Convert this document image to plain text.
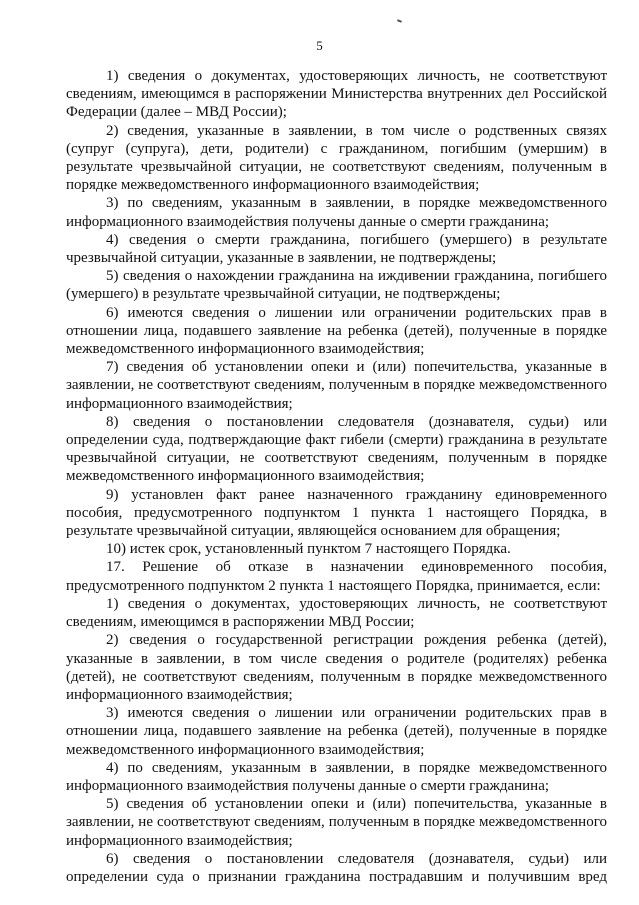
5

1) сведения о документах, удостоверяющих личность, не соответствуют сведениям, имеющимся в распоряжении Министерства внутренних дел Российской Федерации (далее – МВД России);

2) сведения, указанные в заявлении, в том числе о родственных связях (супруг (супруга), дети, родители) с гражданином, погибшим (умершим) в результате чрезвычайной ситуации, не соответствуют сведениям, полученным в порядке межведомственного информационного взаимодействия;

3) по сведениям, указанным в заявлении, в порядке межведомственного информационного взаимодействия получены данные о смерти гражданина;

4) сведения о смерти гражданина, погибшего (умершего) в результате чрезвычайной ситуации, указанные в заявлении, не подтверждены;

5) сведения о нахождении гражданина на иждивении гражданина, погибшего (умершего) в результате чрезвычайной ситуации, не подтверждены;

6) имеются сведения о лишении или ограничении родительских прав в отношении лица, подавшего заявление на ребенка (детей), полученные в порядке межведомственного информационного взаимодействия;

7) сведения об установлении опеки и (или) попечительства, указанные в заявлении, не соответствуют сведениям, полученным в порядке межведомственного информационного взаимодействия;

8) сведения о постановлении следователя (дознавателя, судьи) или определении суда, подтверждающие факт гибели (смерти) гражданина в результате чрезвычайной ситуации, не соответствуют сведениям, полученным в порядке межведомственного информационного взаимодействия;

9) установлен факт ранее назначенного гражданину единовременного пособия, предусмотренного подпунктом 1 пункта 1 настоящего Порядка, в результате чрезвычайной ситуации, являющейся основанием для обращения;

10) истек срок, установленный пунктом 7 настоящего Порядка.

17. Решение об отказе в назначении единовременного пособия, предусмотренного подпунктом 2 пункта 1 настоящего Порядка, принимается, если:

1) сведения о документах, удостоверяющих личность, не соответствуют сведениям, имеющимся в распоряжении МВД России;

2) сведения о государственной регистрации рождения ребенка (детей), указанные в заявлении, в том числе сведения о родителе (родителях) ребенка (детей), не соответствуют сведениям, полученным в порядке межведомственного информационного взаимодействия;

3) имеются сведения о лишении или ограничении родительских прав в отношении лица, подавшего заявление на ребенка (детей), полученные в порядке межведомственного информационного взаимодействия;

4) по сведениям, указанным в заявлении, в порядке межведомственного информационного взаимодействия получены данные о смерти гражданина;

5) сведения об установлении опеки и (или) попечительства, указанные в заявлении, не соответствуют сведениям, полученным в порядке межведомственного информационного взаимодействия;

6) сведения о постановлении следователя (дознавателя, судьи) или определении суда о признании гражданина пострадавшим и получившим вред
